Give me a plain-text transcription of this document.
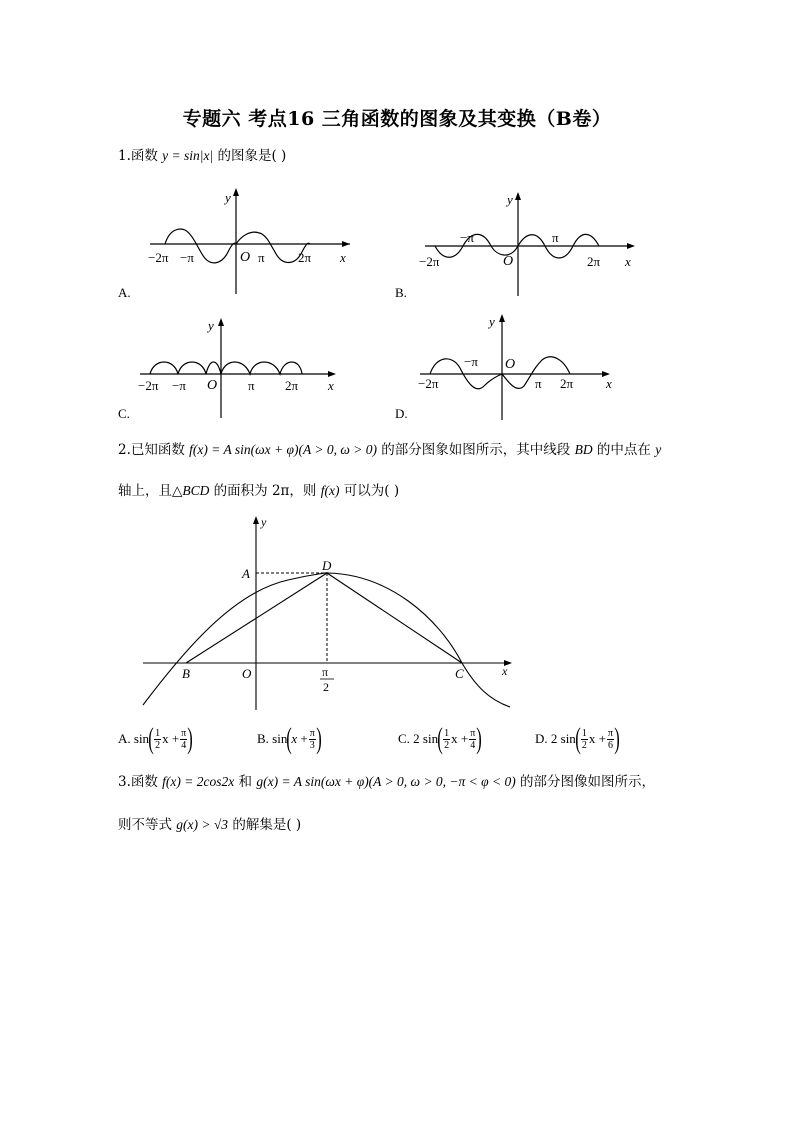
专题六 考点16 三角函数的图象及其变换（B卷）
1.函数 y = sin|x| 的图象是( )
−2π −π	O π	2π x
y
A.
−π	π
−2π	O	2π x
y
B.
−2π −π O π 2π x
y
C.
−π O
−2π	π 2π	x
y
D.
2.已知函数 f(x) = A sin(ωx + φ)(A > 0, ω > 0) 的部分图象如图所示，其中线段 BD 的中点在 y
轴上，且△BCD 的面积为 2π，则 f(x) 可以为( )
A
D
B	O	C	x
y
π
2
A.
sin ( $\frac{1}{2}$ $x + \frac{\pi}{4}$ )	B.
sin ( $x + \frac{\pi}{3}$ )	C.
2
sin ( $\frac{1}{2}$ $x + \frac{\pi}{4}$ )	D.
2
sin ( $\frac{1}{2}$ $x + \frac{\pi}{6}$ )
3.函数 f(x) = 2cos2x 和 g(x) = A sin(ωx + φ)(A > 0, ω > 0, −π < φ < 0) 的部分图像如图所示，
则不等式 g(x) > √3 的解集是( )
